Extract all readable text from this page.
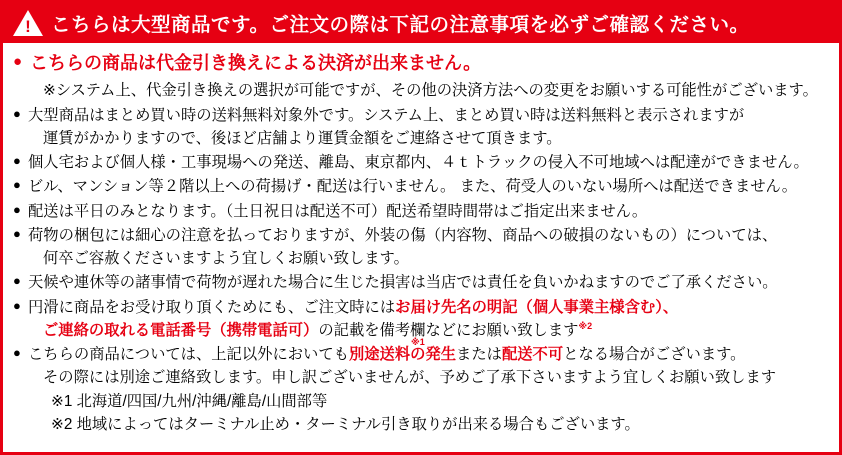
!	こちらは大型商品です。ご注文の際は下記の注意事項を必ずご確認ください。
● こちらの商品は代金引き換えによる決済が出来ません。
※システム上、代金引き換えの選択が可能ですが、その他の決済方法への変更をお願いする可能性がございます。
● 大型商品はまとめ買い時の送料無料対象外です。システム上、まとめ買い時は送料無料と表示されますが
運賃がかかりますので、後ほど店舗より運賃金額をご連絡させて頂きます。
● 個人宅および個人様・工事現場への発送、離島、東京都内、４ｔトラックの侵入不可地域へは配達ができません。
● ビル、マンション等２階以上への荷揚げ・配送は行いません。 また、荷受人のいない場所へは配送できません。
● 配送は平日のみとなります。（土日祝日は配送不可）配送希望時間帯はご指定出来ません。
● 荷物の梱包には細心の注意を払っておりますが、外装の傷（内容物、商品への破損のないもの）については、
何卒ご容赦くださいますよう宜しくお願い致します。
● 天候や連休等の諸事情で荷物が遅れた場合に生じた損害は当店では責任を負いかねますのでご了承ください。
● 円滑に商品をお受け取り頂くためにも、ご注文時にはお届け先名の明記（個人事業主様含む）、
ご連絡の取れる電話番号（携帯電話可）の記載を備考欄などにお願い致します$^{※2}$
● こちらの商品については、上記以外においても別途送料の発生または配送不可となる場合がございます。
その際には別途ご連絡致します。申し訳ございませんが、予めご了承下さいますよう宜しくお願い致します
※1 北海道/四国/九州/沖縄/離島/山間部等
※2 地域によってはターミナル止め・ターミナル引き取りが出来る場合もございます。
※1
